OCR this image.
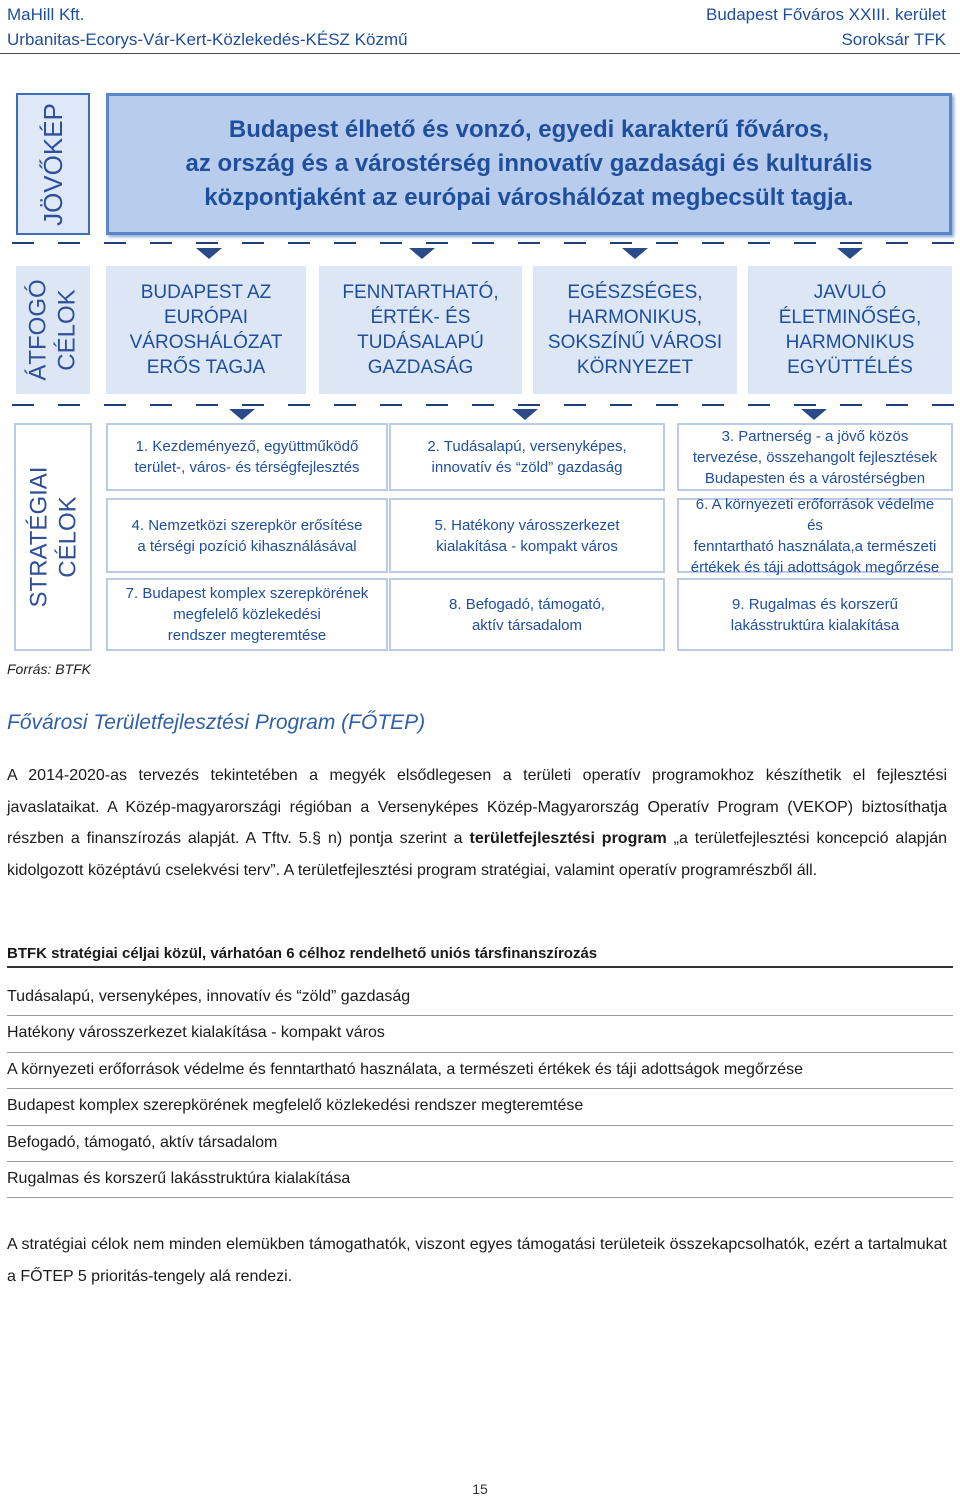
MaHill Kft.
Urbanitas-Ecorys-Vár-Kert-Közlekedés-KÉSZ Közmű
Budapest Főváros XXIII. kerület
Soroksár TFK
JÖVŐKÉP	Budapest élhető és vonzó, egyedi karakterű főváros,
az ország és a várostérség innovatív gazdasági és kulturális
központjaként az európai városhálózat megbecsült tagja.
ÁTFOGÓ CÉLOK	BUDAPEST AZ
EURÓPAI
VÁROSHÁLÓZAT
ERŐS TAGJA
FENNTARTHATÓ,
ÉRTÉK- ÉS
TUDÁSALAPÚ
GAZDASÁG
EGÉSZSÉGES,
HARMONIKUS,
SOKSZÍNŰ VÁROSI
KÖRNYEZET
JAVULÓ
ÉLETMINŐSÉG,
HARMONIKUS
EGYÜTTÉLÉS
STRATÉGIAI CÉLOK
1. Kezdeményező, együttműködő
terület-, város- és térségfejlesztés
2. Tudásalapú, versenyképes,
innovatív és “zöld” gazdaság
3. Partnerség - a jövő közös
tervezése, összehangolt fejlesztések
Budapesten és a várostérségben
4. Nemzetközi szerepkör erősítése
a térségi pozíció kihasználásával
5. Hatékony városszerkezet
kialakítása - kompakt város
6. A környezeti erőforrások védelme és
fenntartható használata,a természeti
értékek és táji adottságok megőrzése
7. Budapest komplex szerepkörének
megfelelő közlekedési
rendszer megteremtése
8. Befogadó, támogató,
aktív társadalom
9. Rugalmas és korszerű
lakásstruktúra kialakítása
Forrás: BTFK
Fővárosi Területfejlesztési Program (FŐTEP)
A 2014-2020-as tervezés tekintetében a megyék elsődlegesen a területi operatív programokhoz készíthetik el fejlesztési javaslataikat. A Közép-magyarországi régióban a Versenyképes Közép-Magyarország Operatív Program (VEKOP) biztosíthatja részben a finanszírozás alapját. A Tftv. 5.§ n) pontja szerint a területfejlesztési program „a területfejlesztési koncepció alapján kidolgozott középtávú cselekvési terv”. A területfejlesztési program stratégiai, valamint operatív programrészből áll.
BTFK stratégiai céljai közül, várhatóan 6 célhoz rendelhető uniós társfinanszírozás
Tudásalapú, versenyképes, innovatív és “zöld” gazdaság
Hatékony városszerkezet kialakítása - kompakt város
A környezeti erőforrások védelme és fenntartható használata, a természeti értékek és táji adottságok megőrzése
Budapest komplex szerepkörének megfelelő közlekedési rendszer megteremtése
Befogadó, támogató, aktív társadalom
Rugalmas és korszerű lakásstruktúra kialakítása
A stratégiai célok nem minden elemükben támogathatók, viszont egyes támogatási területeik összekapcsolhatók, ezért a tartalmukat a FŐTEP 5 prioritás-tengely alá rendezi.
15
